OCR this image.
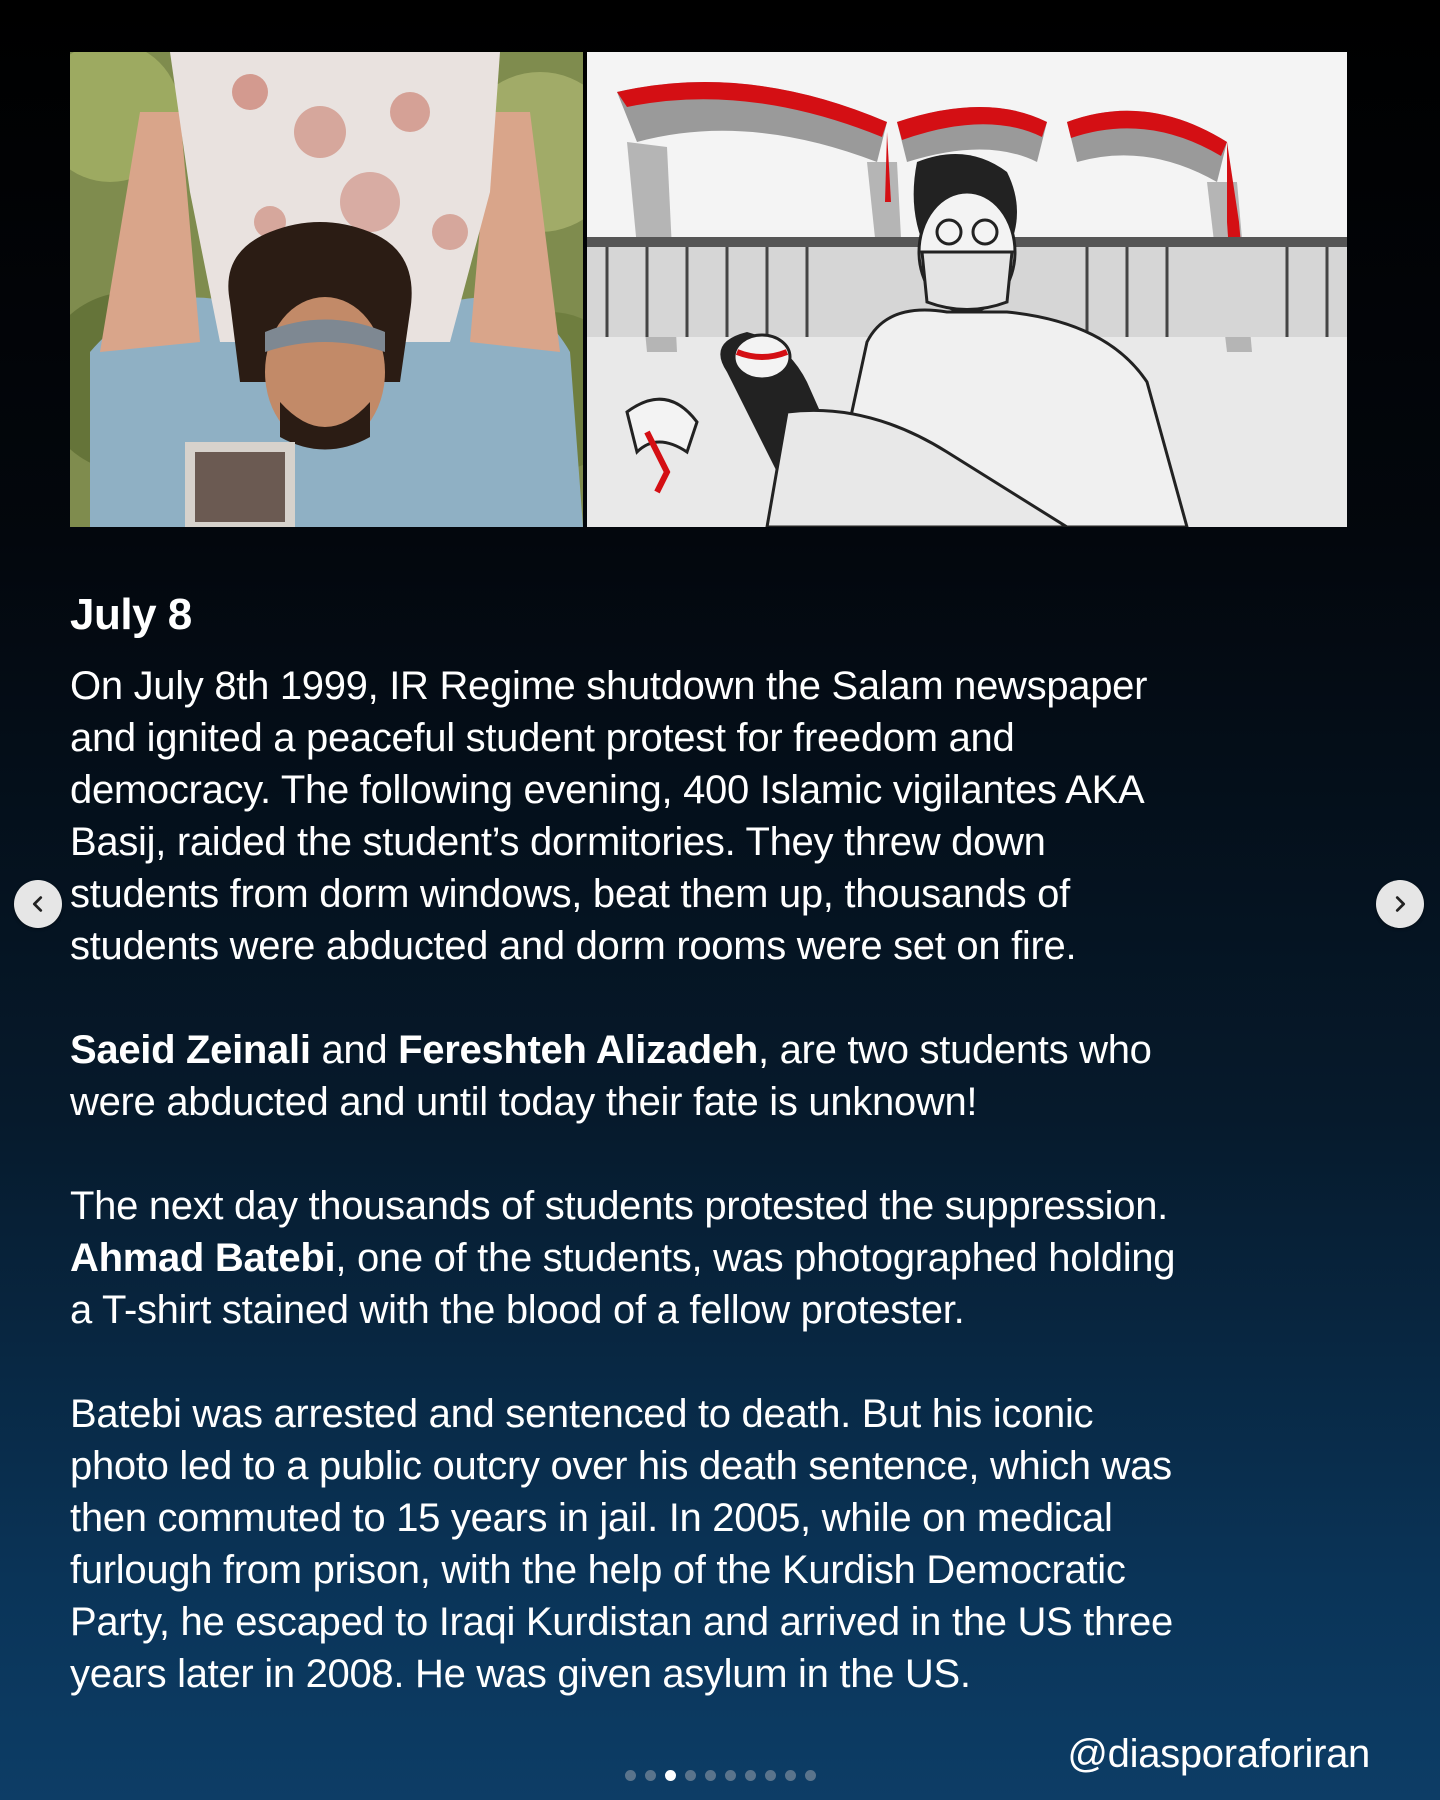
July 8

On July 8th 1999, IR Regime shutdown the Salam newspaper
and ignited a peaceful student protest for freedom and
democracy. The following evening, 400 Islamic vigilantes AKA
Basij, raided the student’s dormitories. They threw down
students from dorm windows, beat them up, thousands of
students were abducted and dorm rooms were set on fire.

Saeid Zeinali and Fereshteh Alizadeh, are two students who
were abducted and until today their fate is unknown!

The next day thousands of students protested the suppression.
Ahmad Batebi, one of the students, was photographed holding
a T-shirt stained with the blood of a fellow protester.

Batebi was arrested and sentenced to death. But his iconic
photo led to a public outcry over his death sentence, which was
then commuted to 15 years in jail. In 2005, while on medical
furlough from prison, with the help of the Kurdish Democratic
Party, he escaped to Iraqi Kurdistan and arrived in the US three
years later in 2008. He was given asylum in the US.

@diasporaforiran
